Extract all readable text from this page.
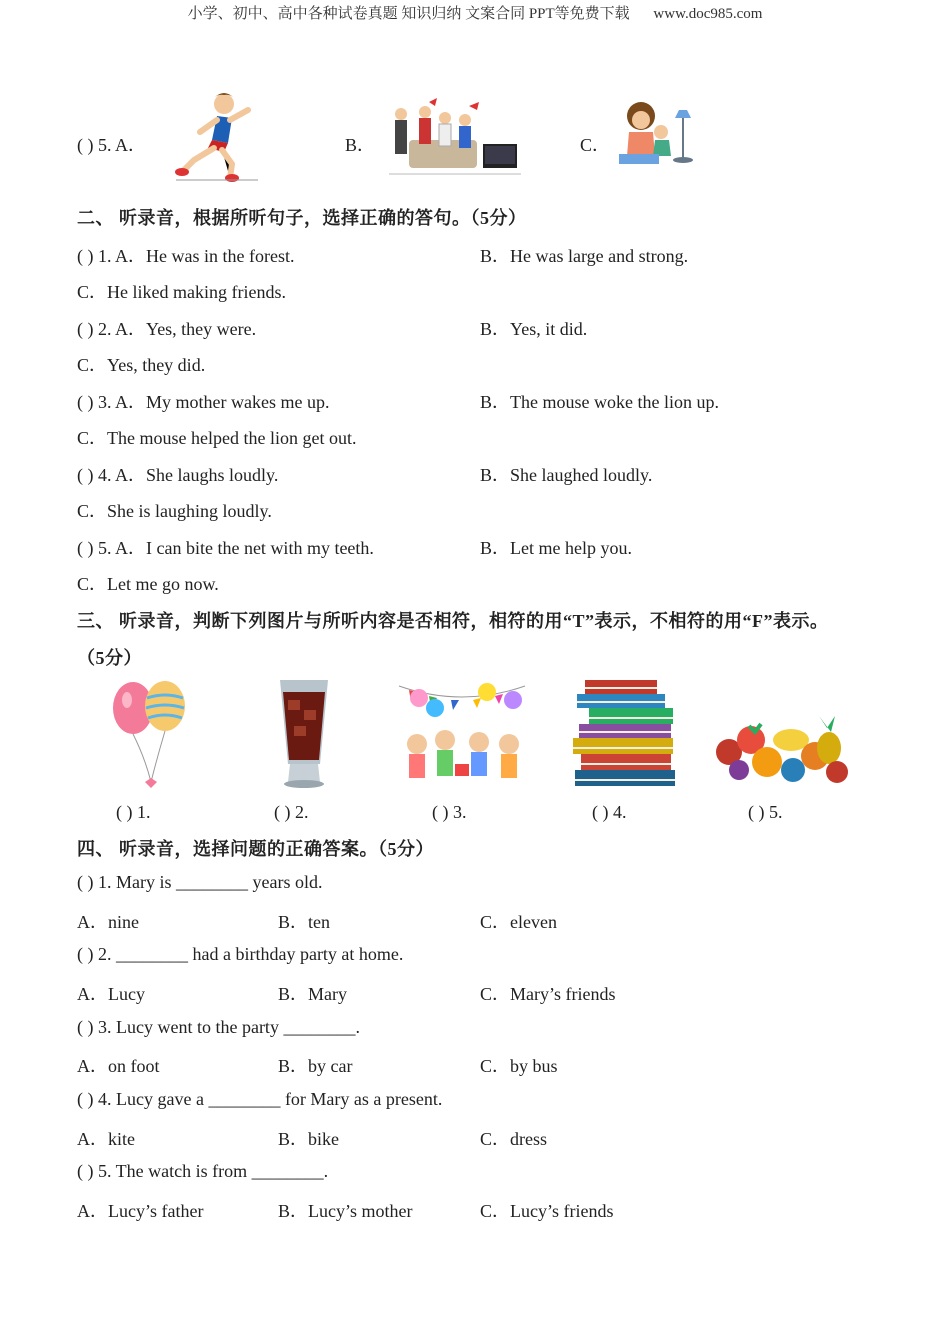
小学、初中、高中各种试卷真题 知识归纳 文案合同 PPT等免费下载 www.doc985.com
( ) 5. A．	B．	C．
二、 听录音，根据所听句子，选择正确的答句。（5分）
( ) 1. A．He was in the forest.	B．He was large and strong.
C．He liked making friends.
( ) 2. A．Yes, they were.	B．Yes, it did.
C．Yes, they did.
( ) 3. A．My mother wakes me up.	B．The mouse woke the lion up.
C．The mouse helped the lion get out.
( ) 4. A．She laughs loudly.	B．She laughed loudly.
C．She is laughing loudly.
( ) 5. A．I can bite the net with my teeth.	B．Let me help you.
C．Let me go now.
三、 听录音，判断下列图片与所听内容是否相符，相符的用“T”表示，不相符的用“F”表示。
（5分）
( ) 1.	( ) 2.	( ) 3.	( ) 4.	( ) 5.
四、 听录音，选择问题的正确答案。（5分）
( ) 1. Mary is ________ years old.
A．nine	B．ten	C．eleven
( ) 2. ________ had a birthday party at home.
A．Lucy	B．Mary	C．Mary’s friends
( ) 3. Lucy went to the party ________.
A．on foot	B．by car	C．by bus
( ) 4. Lucy gave a ________ for Mary as a present.
A．kite	B．bike	C．dress
( ) 5. The watch is from ________.
A．Lucy’s father	B．Lucy’s mother	C．Lucy’s friends
